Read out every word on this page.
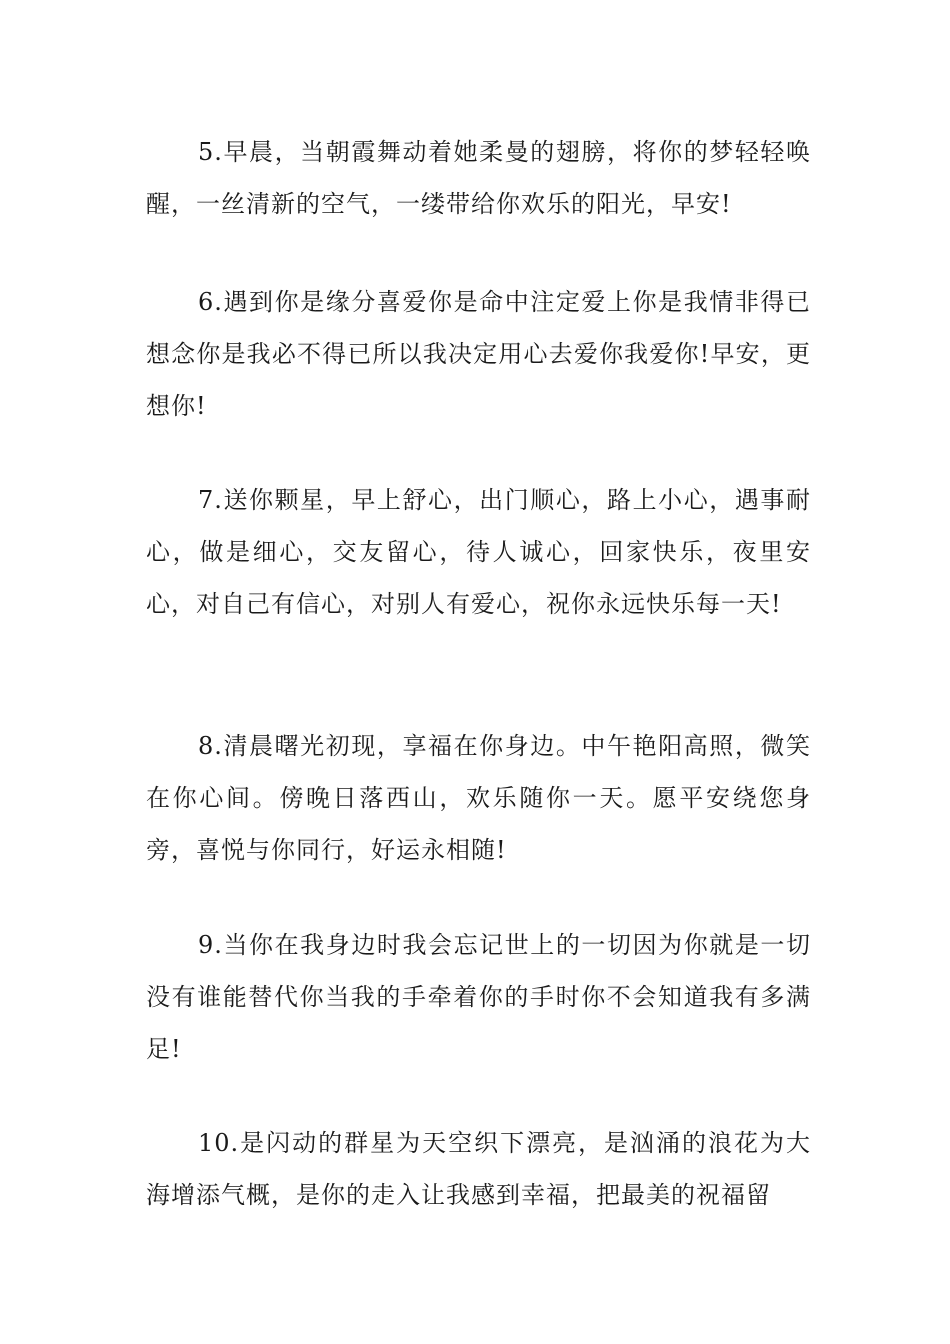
5.早晨，当朝霞舞动着她柔曼的翅膀，将你的梦轻轻唤醒，一丝清新的空气，一缕带给你欢乐的阳光，早安!

6.遇到你是缘分喜爱你是命中注定爱上你是我情非得已想念你是我必不得已所以我决定用心去爱你我爱你!早安，更想你!

7.送你颗星，早上舒心，出门顺心，路上小心，遇事耐心，做是细心，交友留心，待人诚心，回家快乐，夜里安心，对自己有信心，对别人有爱心，祝你永远快乐每一天!

8.清晨曙光初现，享福在你身边。中午艳阳高照，微笑在你心间。傍晚日落西山，欢乐随你一天。愿平安绕您身旁，喜悦与你同行，好运永相随!

9.当你在我身边时我会忘记世上的一切因为你就是一切没有谁能替代你当我的手牵着你的手时你不会知道我有多满足!

10.是闪动的群星为天空织下漂亮，是汹涌的浪花为大海增添气概，是你的走入让我感到幸福，把最美的祝福留
